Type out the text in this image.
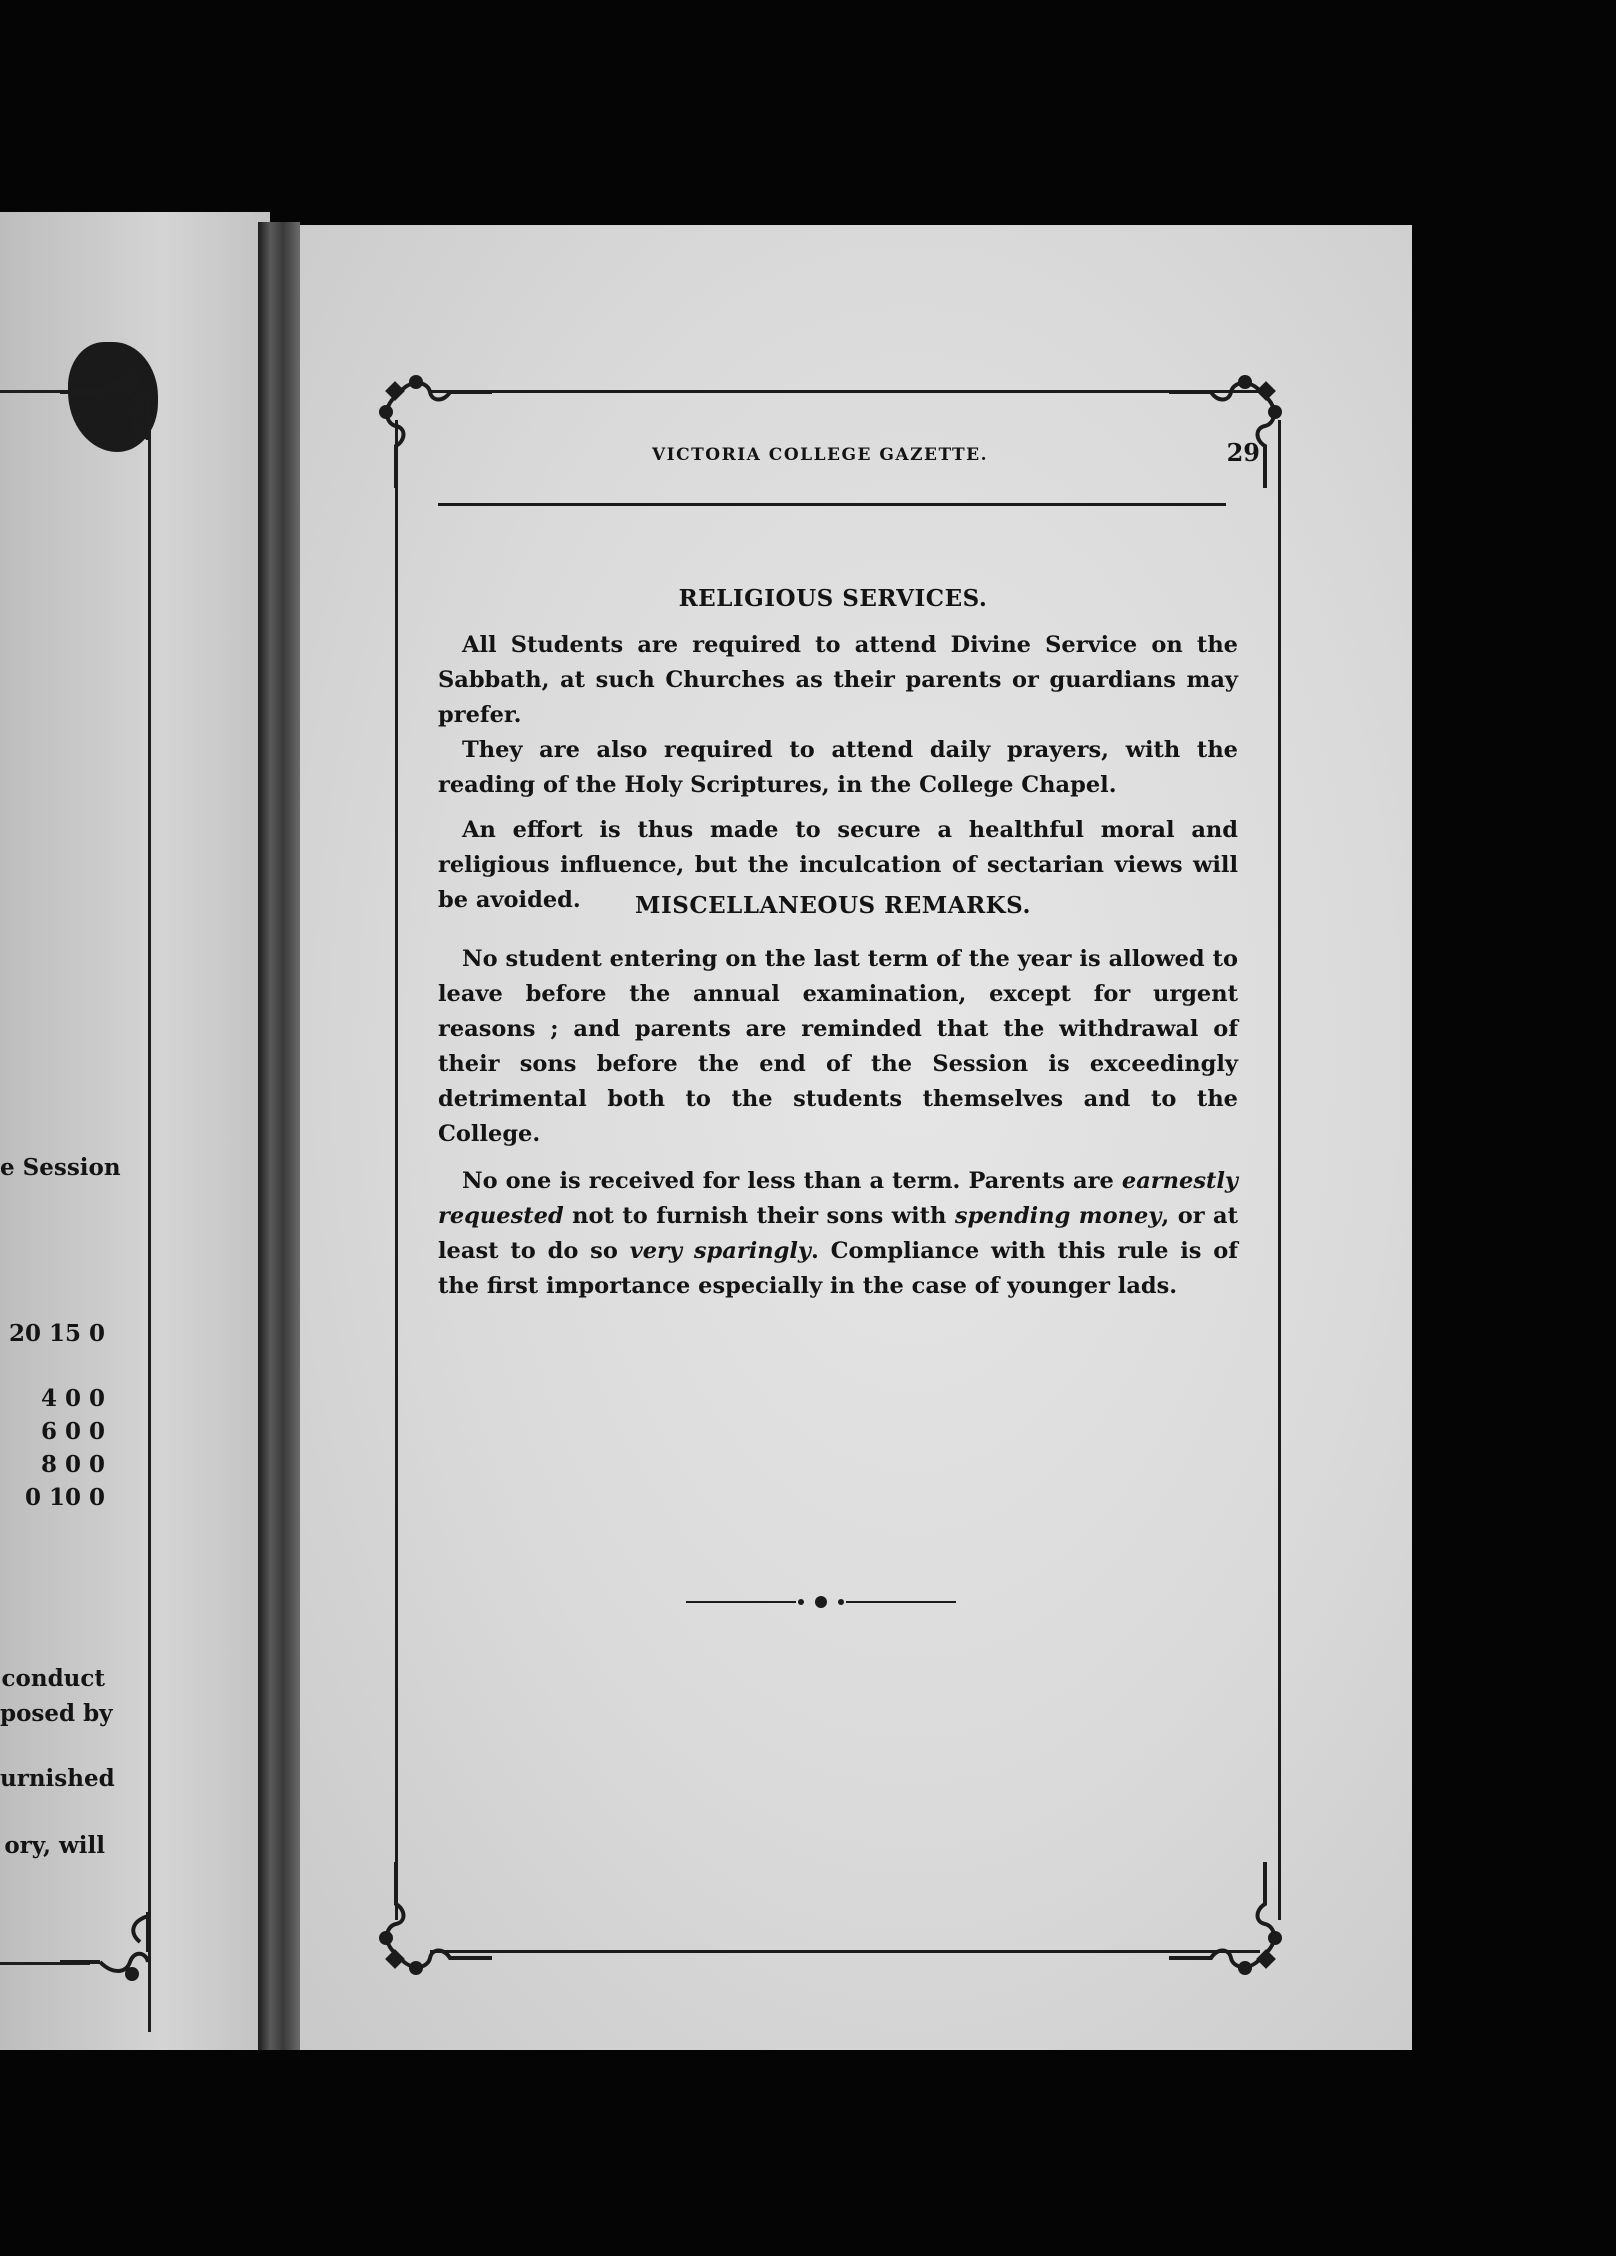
e Session
20 15 0
4 0 0
6 0 0
8 0 0
0 10 0
conduct
posed by
urnished
ory, will
VICTORIA COLLEGE GAZETTE.	29
RELIGIOUS SERVICES.

All Students are required to attend Divine Service on the Sabbath, at such Churches as their parents or guardians may prefer.

They are also required to attend daily prayers, with the reading of the Holy Scriptures, in the College Chapel.

An effort is thus made to secure a healthful moral and religious influence, but the inculcation of sectarian views will be avoided.	MISCELLANEOUS REMARKS.

No student entering on the last term of the year is allowed to leave before the annual examination, except for urgent reasons ; and parents are reminded that the withdrawal of their sons before the end of the Session is exceedingly detrimental both to the students themselves and to the College.

No one is received for less than a term. Parents are earnestly requested not to furnish their sons with spending money, or at least to do so very sparingly. Compliance with this rule is of the first importance especially in the case of younger lads.
